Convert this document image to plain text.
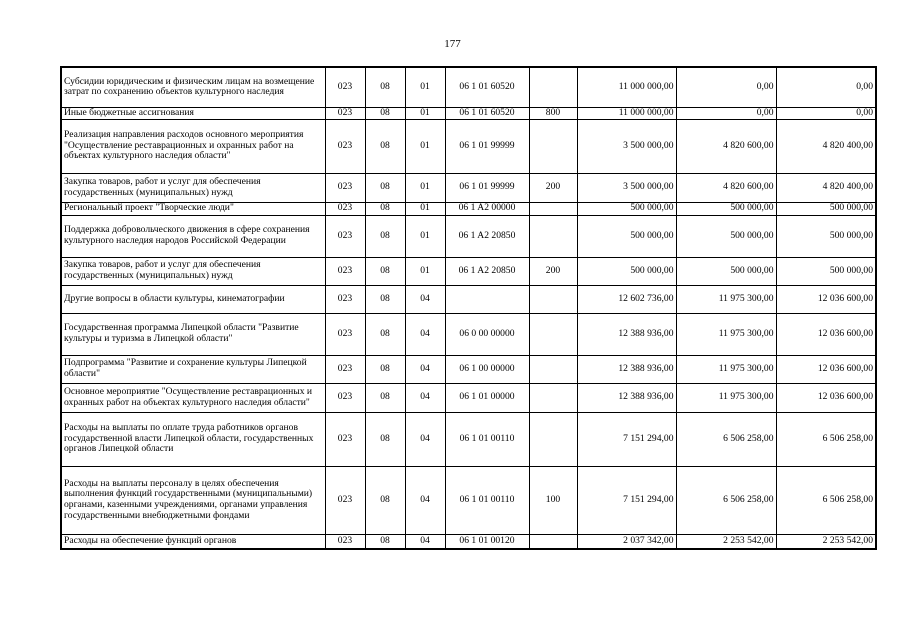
177
Субсидии юридическим и физическим лицам на возмещение затрат по сохранению объектов культурного наследия	023	08	01	06 1 01 60520		11 000 000,00	0,00	0,00
Иные бюджетные ассигнования	023	08	01	06 1 01 60520	800	11 000 000,00	0,00	0,00
Реализация направления расходов основного мероприятия "Осуществление реставрационных и охранных работ на объектах культурного наследия области"	023	08	01	06 1 01 99999		3 500 000,00	4 820 600,00	4 820 400,00
Закупка товаров, работ и услуг для обеспечения государственных (муниципальных) нужд	023	08	01	06 1 01 99999	200	3 500 000,00	4 820 600,00	4 820 400,00
Региональный проект "Творческие люди"	023	08	01	06 1 A2 00000		500 000,00	500 000,00	500 000,00
Поддержка добровольческого движения в сфере сохранения культурного наследия народов Российской Федерации	023	08	01	06 1 A2 20850		500 000,00	500 000,00	500 000,00
Закупка товаров, работ и услуг для обеспечения государственных (муниципальных) нужд	023	08	01	06 1 A2 20850	200	500 000,00	500 000,00	500 000,00
Другие вопросы в области культуры, кинематографии	023	08	04			12 602 736,00	11 975 300,00	12 036 600,00
Государственная программа Липецкой области "Развитие культуры и туризма в Липецкой области"	023	08	04	06 0 00 00000		12 388 936,00	11 975 300,00	12 036 600,00
Подпрограмма "Развитие и сохранение культуры Липецкой области"	023	08	04	06 1 00 00000		12 388 936,00	11 975 300,00	12 036 600,00
Основное мероприятие "Осуществление реставрационных и охранных работ на объектах культурного наследия области"	023	08	04	06 1 01 00000		12 388 936,00	11 975 300,00	12 036 600,00
Расходы на выплаты по оплате труда работников органов государственной власти Липецкой области, государственных органов Липецкой области	023	08	04	06 1 01 00110		7 151 294,00	6 506 258,00	6 506 258,00
Расходы на выплаты персоналу в целях обеспечения выполнения функций государственными (муниципальными) органами, казенными учреждениями, органами управления государственными внебюджетными фондами	023	08	04	06 1 01 00110	100	7 151 294,00	6 506 258,00	6 506 258,00
Расходы на обеспечение функций органов	023	08	04	06 1 01 00120		2 037 342,00	2 253 542,00	2 253 542,00
